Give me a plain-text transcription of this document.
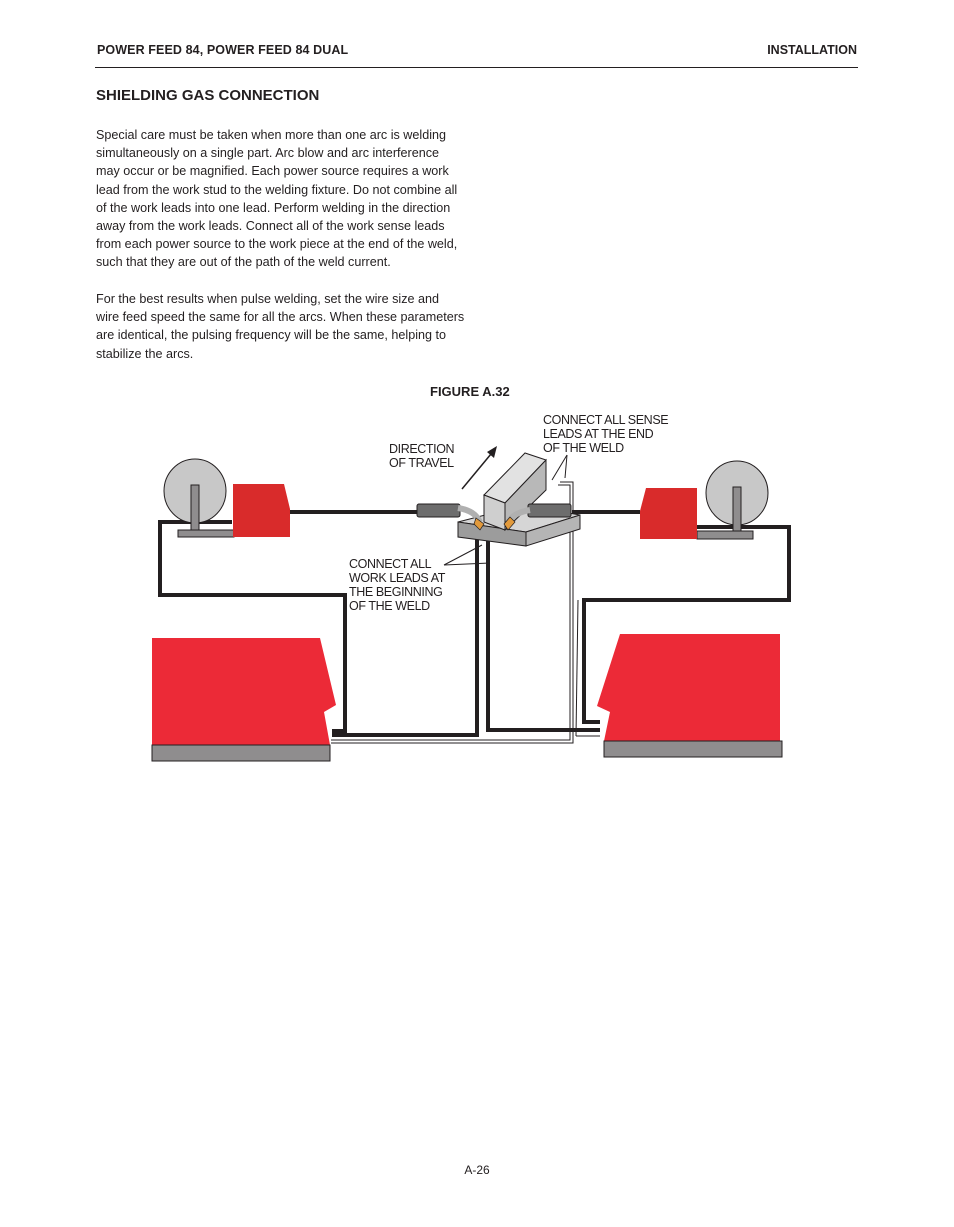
POWER FEED 84, POWER FEED 84 DUAL	INSTALLATION
SHIELDING GAS CONNECTION
Special care must be taken when more than one arc is welding
simultaneously on a single part. Arc blow and arc interference
may occur or be magnified. Each power source requires a work
lead from the work stud to the welding fixture. Do not combine all
of the work leads into one lead. Perform welding in the direction
away from the work leads. Connect all of the work sense leads
from each power source to the work piece at the end of the weld,
such that they are out of the path of the weld current.
For the best results when pulse welding, set the wire size and
wire feed speed the same for all the arcs. When these parameters
are identical, the pulsing frequency will be the same, helping to
stabilize the arcs.
FIGURE A.32
DIRECTION OF TRAVEL
CONNECT ALL SENSE LEADS AT THE END OF THE WELD
CONNECT ALL WORK LEADS AT THE BEGINNING OF THE WELD
A-26
